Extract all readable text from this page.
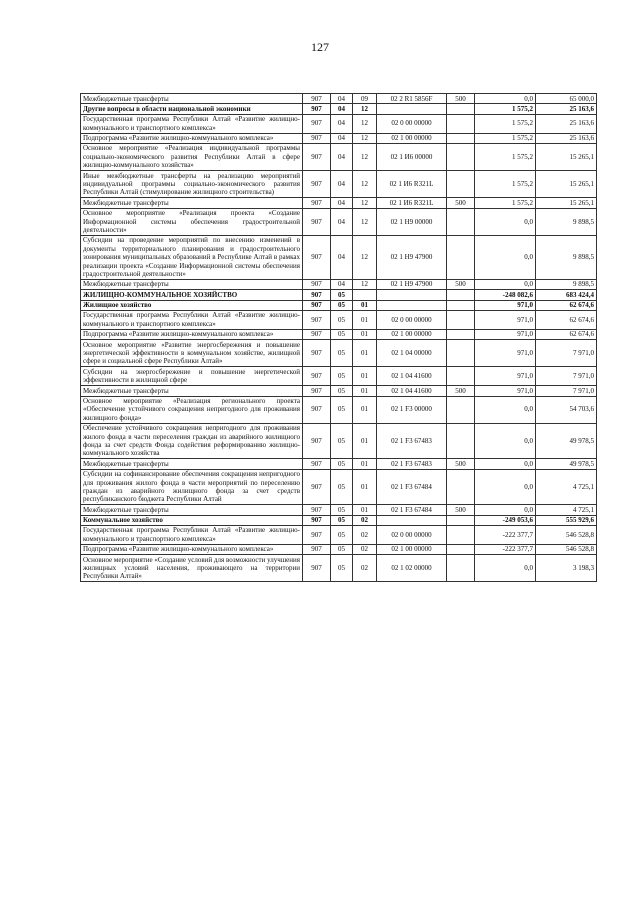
127
Межбюджетные трансферты	907	04	09	02 2 R1 5856F	500	0,0	65 000,0
Другие вопросы в области национальной экономики	907	04	12			1 575,2	25 163,6
Государственная программа Республики Алтай «Развитие жилищно-коммунального и транспортного комплекса»	907	04	12	02 0 00 00000		1 575,2	25 163,6
Подпрограмма «Развитие жилищно-коммунального комплекса»	907	04	12	02 1 00 00000		1 575,2	25 163,6
Основное мероприятие «Реализация индивидуальной программы социально-экономического развития Республики Алтай в сфере жилищно-коммунального хозяйства»	907	04	12	02 1 И6 00000		1 575,2	15 265,1
Иные межбюджетные трансферты на реализацию мероприятий индивидуальной программы социально-экономического развития Республики Алтай (стимулирование жилищного строительства)	907	04	12	02 1 И6 R321L		1 575,2	15 265,1
Межбюджетные трансферты	907	04	12	02 1 И6 R321L	500	1 575,2	15 265,1
Основное мероприятие «Реализация проекта «Создание Информационной системы обеспечения градостроительной деятельности»	907	04	12	02 1 Н9 00000		0,0	9 898,5
Субсидии на проведение мероприятий по внесению изменений в документы территориального планирования и градостроительного зонирования муниципальных образований в Республике Алтай в рамках реализации проекта «Создание Информационной системы обеспечения градостроительной деятельности»	907	04	12	02 1 Н9 47900		0,0	9 898,5
Межбюджетные трансферты	907	04	12	02 1 Н9 47900	500	0,0	9 898,5
ЖИЛИЩНО-КОММУНАЛЬНОЕ ХОЗЯЙСТВО	907	05				-248 082,6	683 424,4
Жилищное хозяйство	907	05	01			971,0	62 674,6
Государственная программа Республики Алтай «Развитие жилищно-коммунального и транспортного комплекса»	907	05	01	02 0 00 00000		971,0	62 674,6
Подпрограмма «Развитие жилищно-коммунального комплекса»	907	05	01	02 1 00 00000		971,0	62 674,6
Основное мероприятие «Развитие энергосбережения и повышение энергетической эффективности в коммунальном хозяйстве, жилищной сфере и социальной сфере Республики Алтай»	907	05	01	02 1 04 00000		971,0	7 971,0
Субсидии на энергосбережение и повышение энергетической эффективности в жилищной сфере	907	05	01	02 1 04 41600		971,0	7 971,0
Межбюджетные трансферты	907	05	01	02 1 04 41600	500	971,0	7 971,0
Основное мероприятие «Реализация регионального проекта «Обеспечение устойчивого сокращения непригодного для проживания жилищного фонда»	907	05	01	02 1 F3 00000		0,0	54 703,6
Обеспечение устойчивого сокращения непригодного для проживания жилого фонда в части переселения граждан из аварийного жилищного фонда за счет средств Фонда содействия реформированию жилищно-коммунального хозяйства	907	05	01	02 1 F3 67483		0,0	49 978,5
Межбюджетные трансферты	907	05	01	02 1 F3 67483	500	0,0	49 978,5
Субсидии на софинансирование обеспечения сокращения непригодного для проживания жилого фонда в части мероприятий по переселению граждан из аварийного жилищного фонда за счет средств республиканского бюджета Республики Алтай	907	05	01	02 1 F3 67484		0,0	4 725,1
Межбюджетные трансферты	907	05	01	02 1 F3 67484	500	0,0	4 725,1
Коммунальное хозяйство	907	05	02			-249 053,6	555 929,6
Государственная программа Республики Алтай «Развитие жилищно-коммунального и транспортного комплекса»	907	05	02	02 0 00 00000		-222 377,7	546 528,8
Подпрограмма «Развитие жилищно-коммунального комплекса»	907	05	02	02 1 00 00000		-222 377,7	546 528,8
Основное мероприятие «Создание условий для возможности улучшения жилищных условий населения, проживающего на территории Республики Алтай»	907	05	02	02 1 02 00000		0,0	3 198,3
